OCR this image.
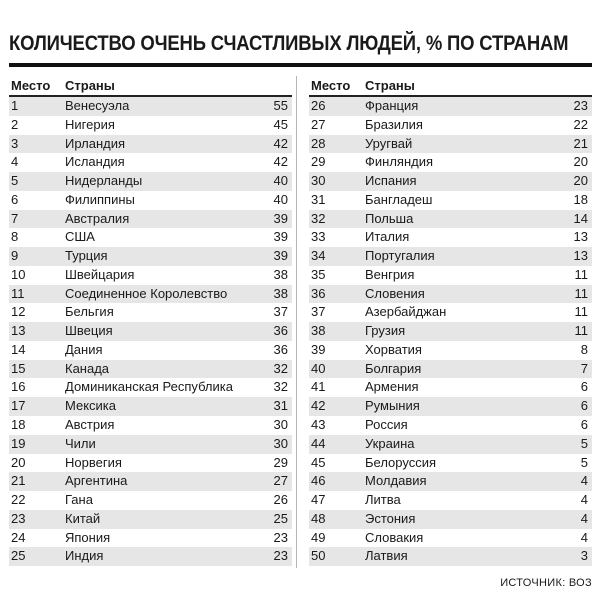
КОЛИЧЕСТВО ОЧЕНЬ СЧАСТЛИВЫХ ЛЮДЕЙ, % ПО СТРАНАМ
Место Страны
1	Венесуэла	55
2	Нигерия	45
3	Ирландия	42
4	Исландия	42
5	Нидерланды	40
6	Филиппины	40
7	Австралия	39
8	США	39
9	Турция	39
10	Швейцария	38
11	Соединенное Королевство	38
12	Бельгия	37
13	Швеция	36
14	Дания	36
15	Канада	32
16	Доминиканская Республика	32
17	Мексика	31
18	Австрия	30
19	Чили	30
20	Норвегия	29
21	Аргентина	27
22	Гана	26
23	Китай	25
24	Япония	23
25	Индия	23
Место Страны
26	Франция	23
27	Бразилия	22
28	Уругвай	21
29	Финляндия	20
30	Испания	20
31	Бангладеш	18
32	Польша	14
33	Италия	13
34	Португалия	13
35	Венгрия	11
36	Словения	11
37	Азербайджан	11
38	Грузия	11
39	Хорватия	8
40	Болгария	7
41	Армения	6
42	Румыния	6
43	Россия	6
44	Украина	5
45	Белоруссия	5
46	Молдавия	4
47	Литва	4
48	Эстония	4
49	Словакия	4
50	Латвия	3
ИСТОЧНИК: ВОЗ
